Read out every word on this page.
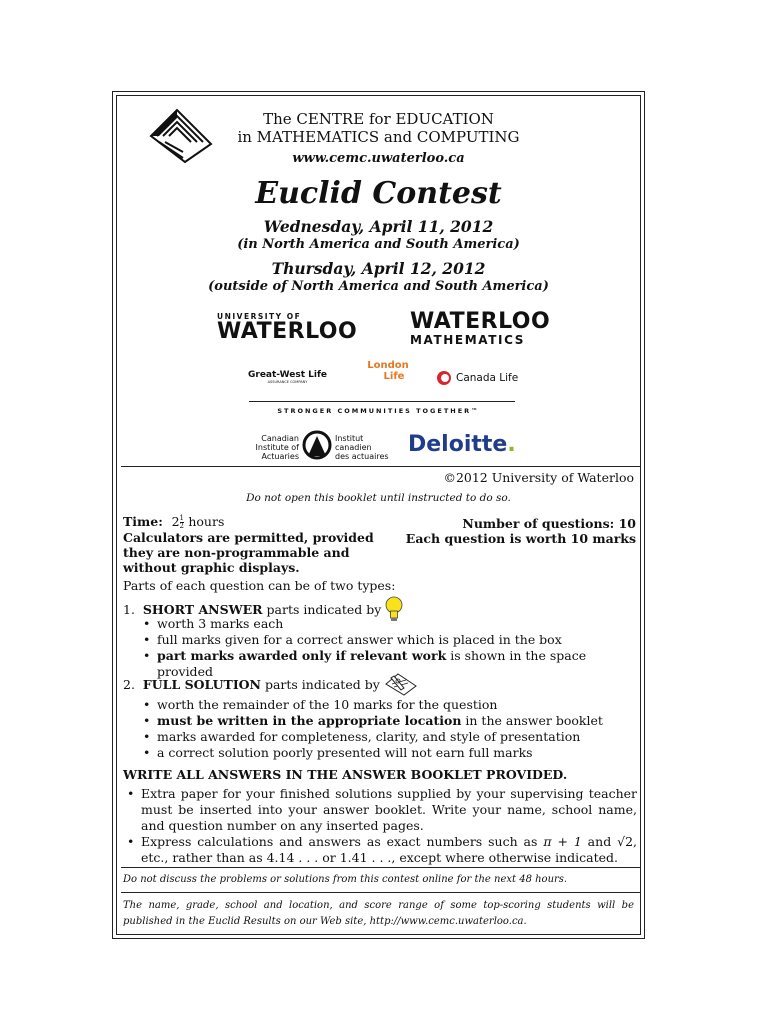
The CENTRE for EDUCATION
in MATHEMATICS and COMPUTING
www.cemc.uwaterloo.ca
Euclid Contest
Wednesday, April 11, 2012
(in North America and South America)
Thursday, April 12, 2012
(outside of North America and South America)
UNIVERSITY OF
WATERLOO WATERLOO
MATHEMATICS
Great-West Life
ASSURANCE COMPANY
London
Life	Canada Life
STRONGER COMMUNITIES TOGETHER™
Canadian
Institute of
Actuaries
Institut
canadien
des actuaires Deloitte.
©2012 University of Waterloo
Do not open this booklet until instructed to do so.
Time: $2 \frac{1}{2}$ hours
Calculators are permitted, provided
they are non-programmable and
without graphic displays.
Number of questions: 10
Each question is worth 10 marks
Parts of each question can be of two types:
1.
SHORT ANSWER
parts indicated by
• worth 3 marks each
• full marks given for a correct answer which is placed in the box
• part marks awarded only if relevant work is shown in the space provided
2.
FULL SOLUTION
parts indicated by
• worth the remainder of the 10 marks for the question
• must be written in the appropriate location in the answer booklet
• marks awarded for completeness, clarity, and style of presentation
• a correct solution poorly presented will not earn full marks
WRITE ALL ANSWERS IN THE ANSWER BOOKLET PROVIDED.
• Extra paper for your finished solutions supplied by your supervising teacher must be inserted into your answer booklet. Write your name, school name, and question number on any inserted pages.
• Express calculations and answers as exact numbers such as π + 1 and √2, etc., rather than as 4.14 . . . or 1.41 . . ., except where otherwise indicated.
Do not discuss the problems or solutions from this contest online for the next 48 hours.
The name, grade, school and location, and score range of some top-scoring students will be published in the Euclid Results on our Web site, http://www.cemc.uwaterloo.ca.
